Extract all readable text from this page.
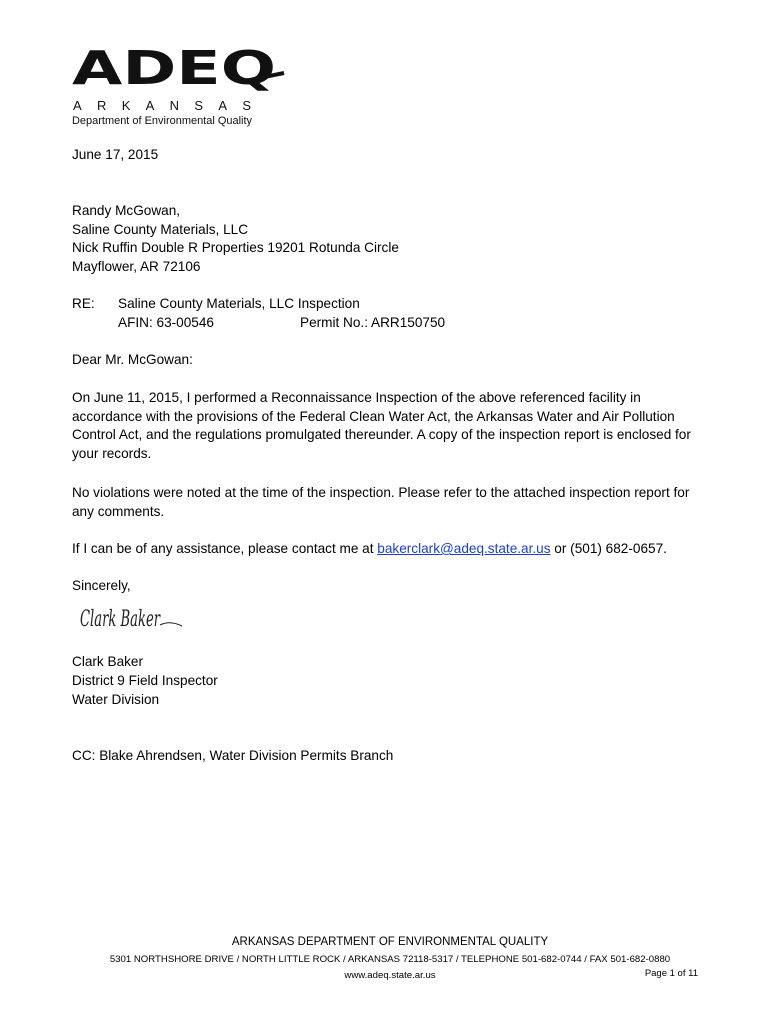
ADEQ
ARKANSAS
Department of Environmental Quality
June 17, 2015
Randy McGowan,
Saline County Materials, LLC
Nick Ruffin Double R Properties 19201 Rotunda Circle
Mayflower, AR 72106
RE: Saline County Materials, LLC Inspection
AFIN: 63-00546	Permit No.: ARR150750
Dear Mr. McGowan:
On June 11, 2015, I performed a Reconnaissance Inspection of the above referenced facility in accordance with the provisions of the Federal Clean Water Act, the Arkansas Water and Air Pollution Control Act, and the regulations promulgated thereunder. A copy of the inspection report is enclosed for your records.
No violations were noted at the time of the inspection. Please refer to the attached inspection report for any comments.
If I can be of any assistance, please contact me at bakerclark@adeq.state.ar.us or (501) 682-0657.
Sincerely,
Clark Baker
Clark Baker
District 9 Field Inspector
Water Division
CC: Blake Ahrendsen, Water Division Permits Branch
ARKANSAS DEPARTMENT OF ENVIRONMENTAL QUALITY
5301 NORTHSHORE DRIVE / NORTH LITTLE ROCK / ARKANSAS 72118-5317 / TELEPHONE 501-682-0744 / FAX 501-682-0880
www.adeq.state.ar.us	Page 1 of 11
